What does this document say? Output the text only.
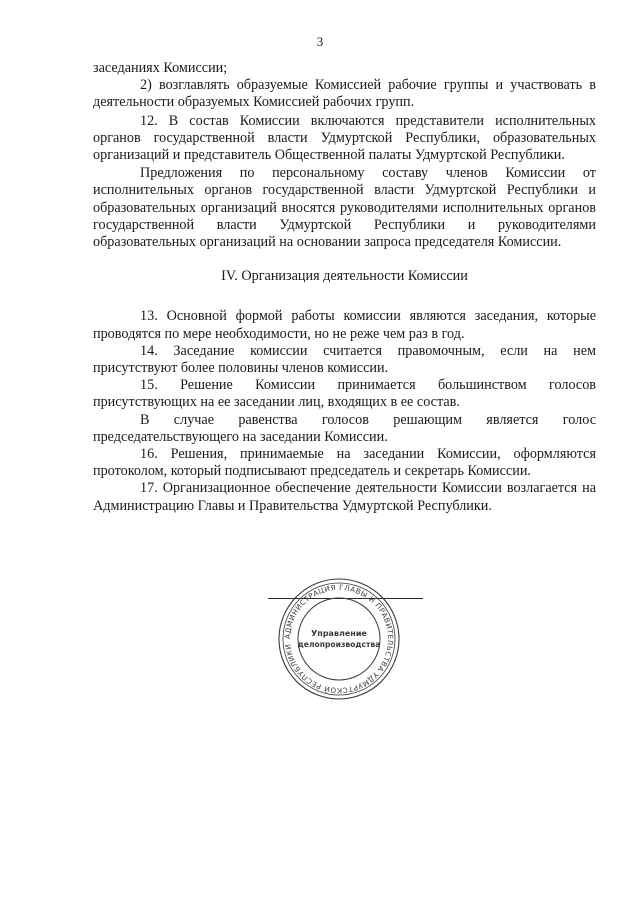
3

заседаниях Комиссии;

2) возглавлять образуемые Комиссией рабочие группы и участвовать в деятельности образуемых Комиссией рабочих групп.

12. В состав Комиссии включаются представители исполнительных органов государственной власти Удмуртской Республики, образовательных организаций и представитель Общественной палаты Удмуртской Республики.

Предложения по персональному составу членов Комиссии от исполнительных органов государственной власти Удмуртской Республики и образовательных организаций вносятся руководителями исполнительных органов государственной власти Удмуртской Республики и руководителями образовательных организаций на основании запроса председателя Комиссии.

IV. Организация деятельности Комиссии

13. Основной формой работы комиссии являются заседания, которые проводятся по мере необходимости, но не реже чем раз в год.

14. Заседание комиссии считается правомочным, если на нем присутствуют более половины членов комиссии.

15. Решение Комиссии принимается большинством голосов присутствующих на ее заседании лиц, входящих в ее состав.

В случае равенства голосов решающим является голос председательствующего на заседании Комиссии.

16. Решения, принимаемые на заседании Комиссии, оформляются протоколом, который подписывают председатель и секретарь Комиссии.

17. Организационное обеспечение деятельности Комиссии возлагается на Администрацию Главы и Правительства Удмуртской Республики.

АДМИНИСТРАЦИЯ ГЛАВЫ И ПРАВИТЕЛЬСТВА УДМУРТСКОЙ РЕСПУБЛИКИ
Управление
делопроизводства
